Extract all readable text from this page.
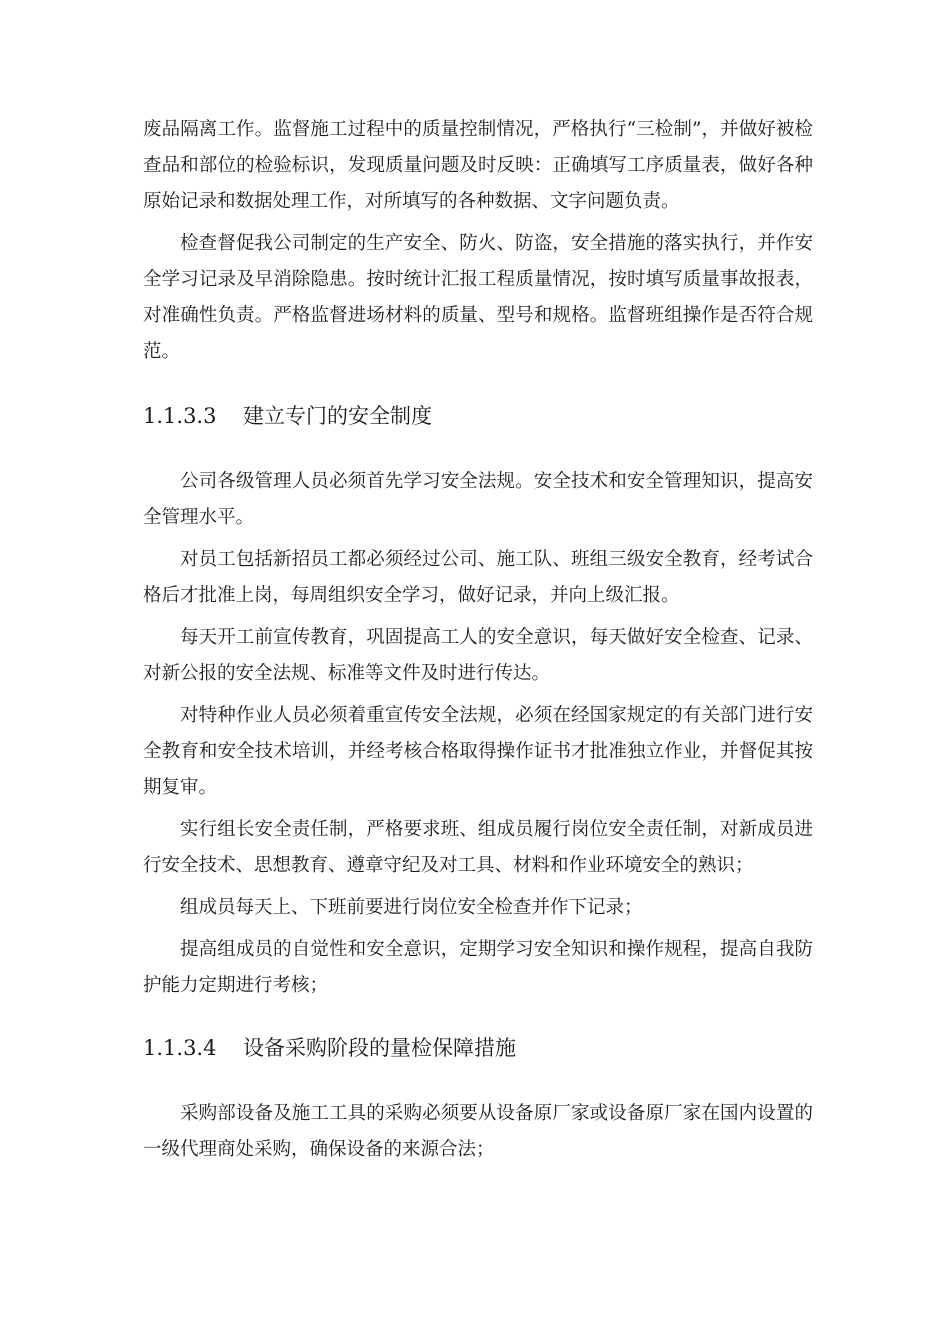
废品隔离工作。监督施工过程中的质量控制情况，严格执行“三检制”，并做好被检查品和部位的检验标识，发现质量问题及时反映：正确填写工序质量表，做好各种原始记录和数据处理工作，对所填写的各种数据、文字问题负责。

检查督促我公司制定的生产安全、防火、防盗，安全措施的落实执行，并作安全学习记录及早消除隐患。按时统计汇报工程质量情况，按时填写质量事故报表，对准确性负责。严格监督进场材料的质量、型号和规格。监督班组操作是否符合规范。

1.1.3.3 建立专门的安全制度

公司各级管理人员必须首先学习安全法规。安全技术和安全管理知识，提高安全管理水平。

对员工包括新招员工都必须经过公司、施工队、班组三级安全教育，经考试合格后才批准上岗，每周组织安全学习，做好记录，并向上级汇报。

每天开工前宣传教育，巩固提高工人的安全意识，每天做好安全检查、记录、对新公报的安全法规、标准等文件及时进行传达。

对特种作业人员必须着重宣传安全法规，必须在经国家规定的有关部门进行安全教育和安全技术培训，并经考核合格取得操作证书才批准独立作业，并督促其按期复审。

实行组长安全责任制，严格要求班、组成员履行岗位安全责任制，对新成员进行安全技术、思想教育、遵章守纪及对工具、材料和作业环境安全的熟识；

组成员每天上、下班前要进行岗位安全检查并作下记录；

提高组成员的自觉性和安全意识，定期学习安全知识和操作规程，提高自我防护能力定期进行考核；

1.1.3.4 设备采购阶段的量检保障措施

采购部设备及施工工具的采购必须要从设备原厂家或设备原厂家在国内设置的一级代理商处采购，确保设备的来源合法；
